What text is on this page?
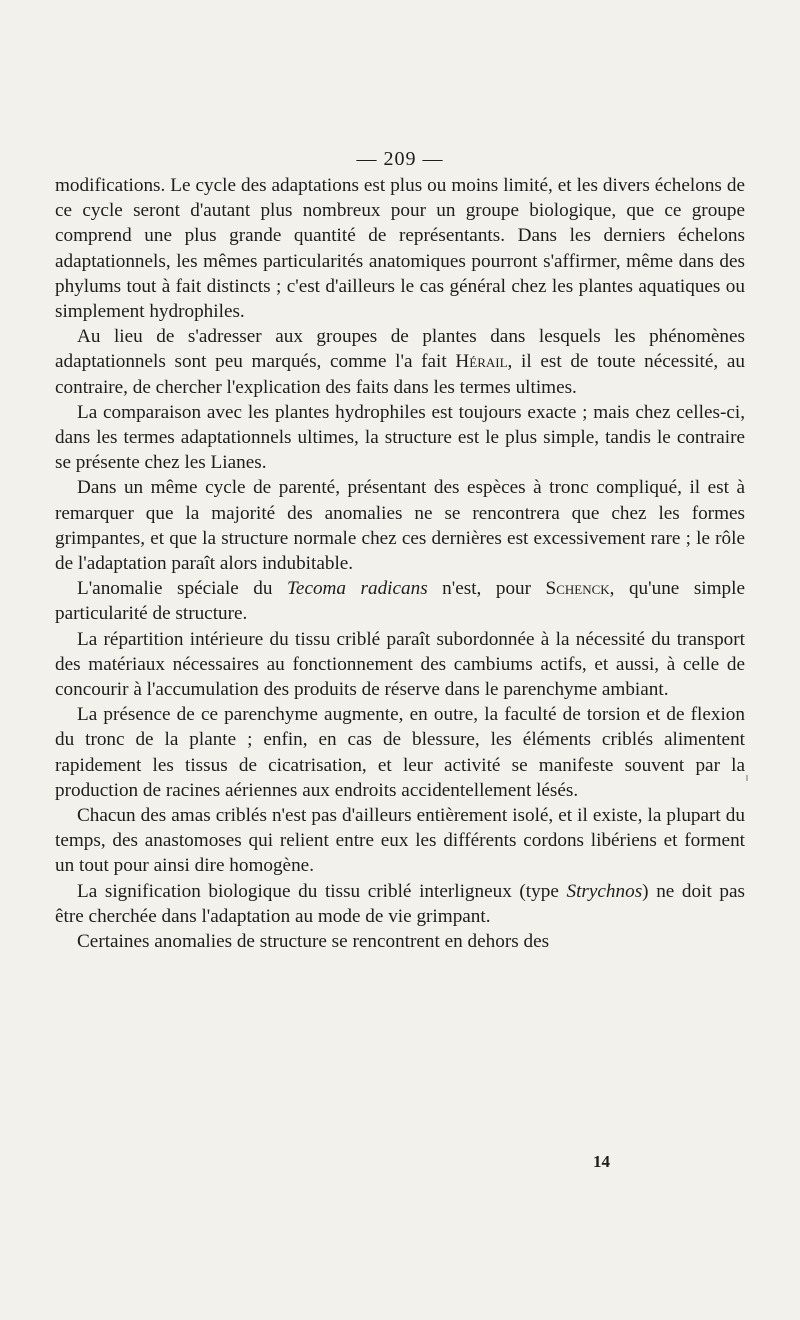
— 209 —

modifications. Le cycle des adaptations est plus ou moins limité, et les divers échelons de ce cycle seront d'autant plus nombreux pour un groupe biologique, que ce groupe comprend une plus grande quantité de représentants. Dans les derniers échelons adaptationnels, les mêmes particularités anatomiques pourront s'affirmer, même dans des phylums tout à fait distincts ; c'est d'ailleurs le cas général chez les plantes aquatiques ou simplement hydrophiles.

Au lieu de s'adresser aux groupes de plantes dans lesquels les phénomènes adaptationnels sont peu marqués, comme l'a fait Hérail, il est de toute nécessité, au contraire, de chercher l'explication des faits dans les termes ultimes.

La comparaison avec les plantes hydrophiles est toujours exacte ; mais chez celles-ci, dans les termes adaptationnels ultimes, la structure est le plus simple, tandis le contraire se présente chez les Lianes.

Dans un même cycle de parenté, présentant des espèces à tronc compliqué, il est à remarquer que la majorité des anomalies ne se rencontrera que chez les formes grimpantes, et que la structure normale chez ces dernières est excessivement rare ; le rôle de l'adaptation paraît alors indubitable.

L'anomalie spéciale du Tecoma radicans n'est, pour Schenck, qu'une simple particularité de structure.

La répartition intérieure du tissu criblé paraît subordonnée à la nécessité du transport des matériaux nécessaires au fonctionnement des cambiums actifs, et aussi, à celle de concourir à l'accumulation des produits de réserve dans le parenchyme ambiant.

La présence de ce parenchyme augmente, en outre, la faculté de torsion et de flexion du tronc de la plante ; enfin, en cas de blessure, les éléments criblés alimentent rapidement les tissus de cicatrisation, et leur activité se manifeste souvent par la production de racines aériennes aux endroits accidentellement lésés.

Chacun des amas criblés n'est pas d'ailleurs entièrement isolé, et il existe, la plupart du temps, des anastomoses qui relient entre eux les différents cordons libériens et forment un tout pour ainsi dire homogène.

La signification biologique du tissu criblé interligneux (type Strychnos) ne doit pas être cherchée dans l'adaptation au mode de vie grimpant.

Certaines anomalies de structure se rencontrent en dehors des

14
